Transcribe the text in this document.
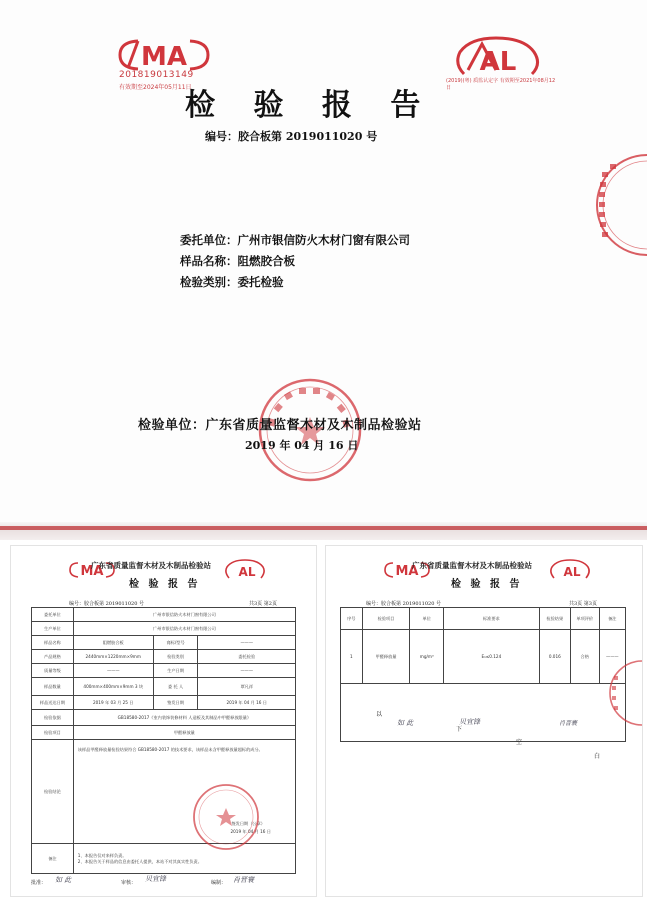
MA
201819013149
有效期至2024年05月11日
AL
(2019)(粤) 质监认定字 有效期至2021年08月12日
检 验 报 告
编号：胶合板第 2019011020 号
委托单位：广州市银信防火木材门窗有限公司
样品名称：阻燃胶合板
检验类别：委托检验
检验单位：广东省质量监督木材及木制品检验站
2019 年 04 月 16 日
MA	AL
广东省质量监督木材及木制品检验站
检 验 报 告
编号：胶合板第 2019011020 号	共3页 第2页
委托单位	广州市银信防火木材门窗有限公司		
生产单位	广州市银信防火木材门窗有限公司		
样品名称	阻燃胶合板	商标/型号	———
产品规格	2440mm×1220mm×9mm	检验类别	委托检验
质量等级	———	生产日期	———
样品数量	400mm×400mm×9mm 3 块	委 托 人	覃凡祥
样品送达日期	2019 年 03 月 25 日	签发日期	2019 年 04 月 16 日
检验依据	GB18580-2017《室内装饰装修材料 人造板及其制品中甲醛释放限量》		
检验项目	甲醛释放量		
检验结论	该样品甲醛释放量检验结果符合 GB18580-2017 的技术要求，该样品未含甲醛释放量超标的成分。
签发日期（公章）
2019 年 04 月 16 日		

备注	1、本报告仅对来样负责。
2、本报告关于样品的信息由委托人提供，本站不对其真实性负责。		
批准： 如 此	审核： 贝宜锋	编制： 肖晋寰
MA	AL
广东省质量监督木材及木制品检验站
检 验 报 告
编号：胶合板第 2019011020 号	共3页 第3页
序号	检验项目	单位	标准要求	检验结果	单项评价	备注
1	甲醛释放量	mg/m³	E₁≤0.124	0.016	合格	———

如 此 贝宜锋 肖晋寰						
以
下
空
白
